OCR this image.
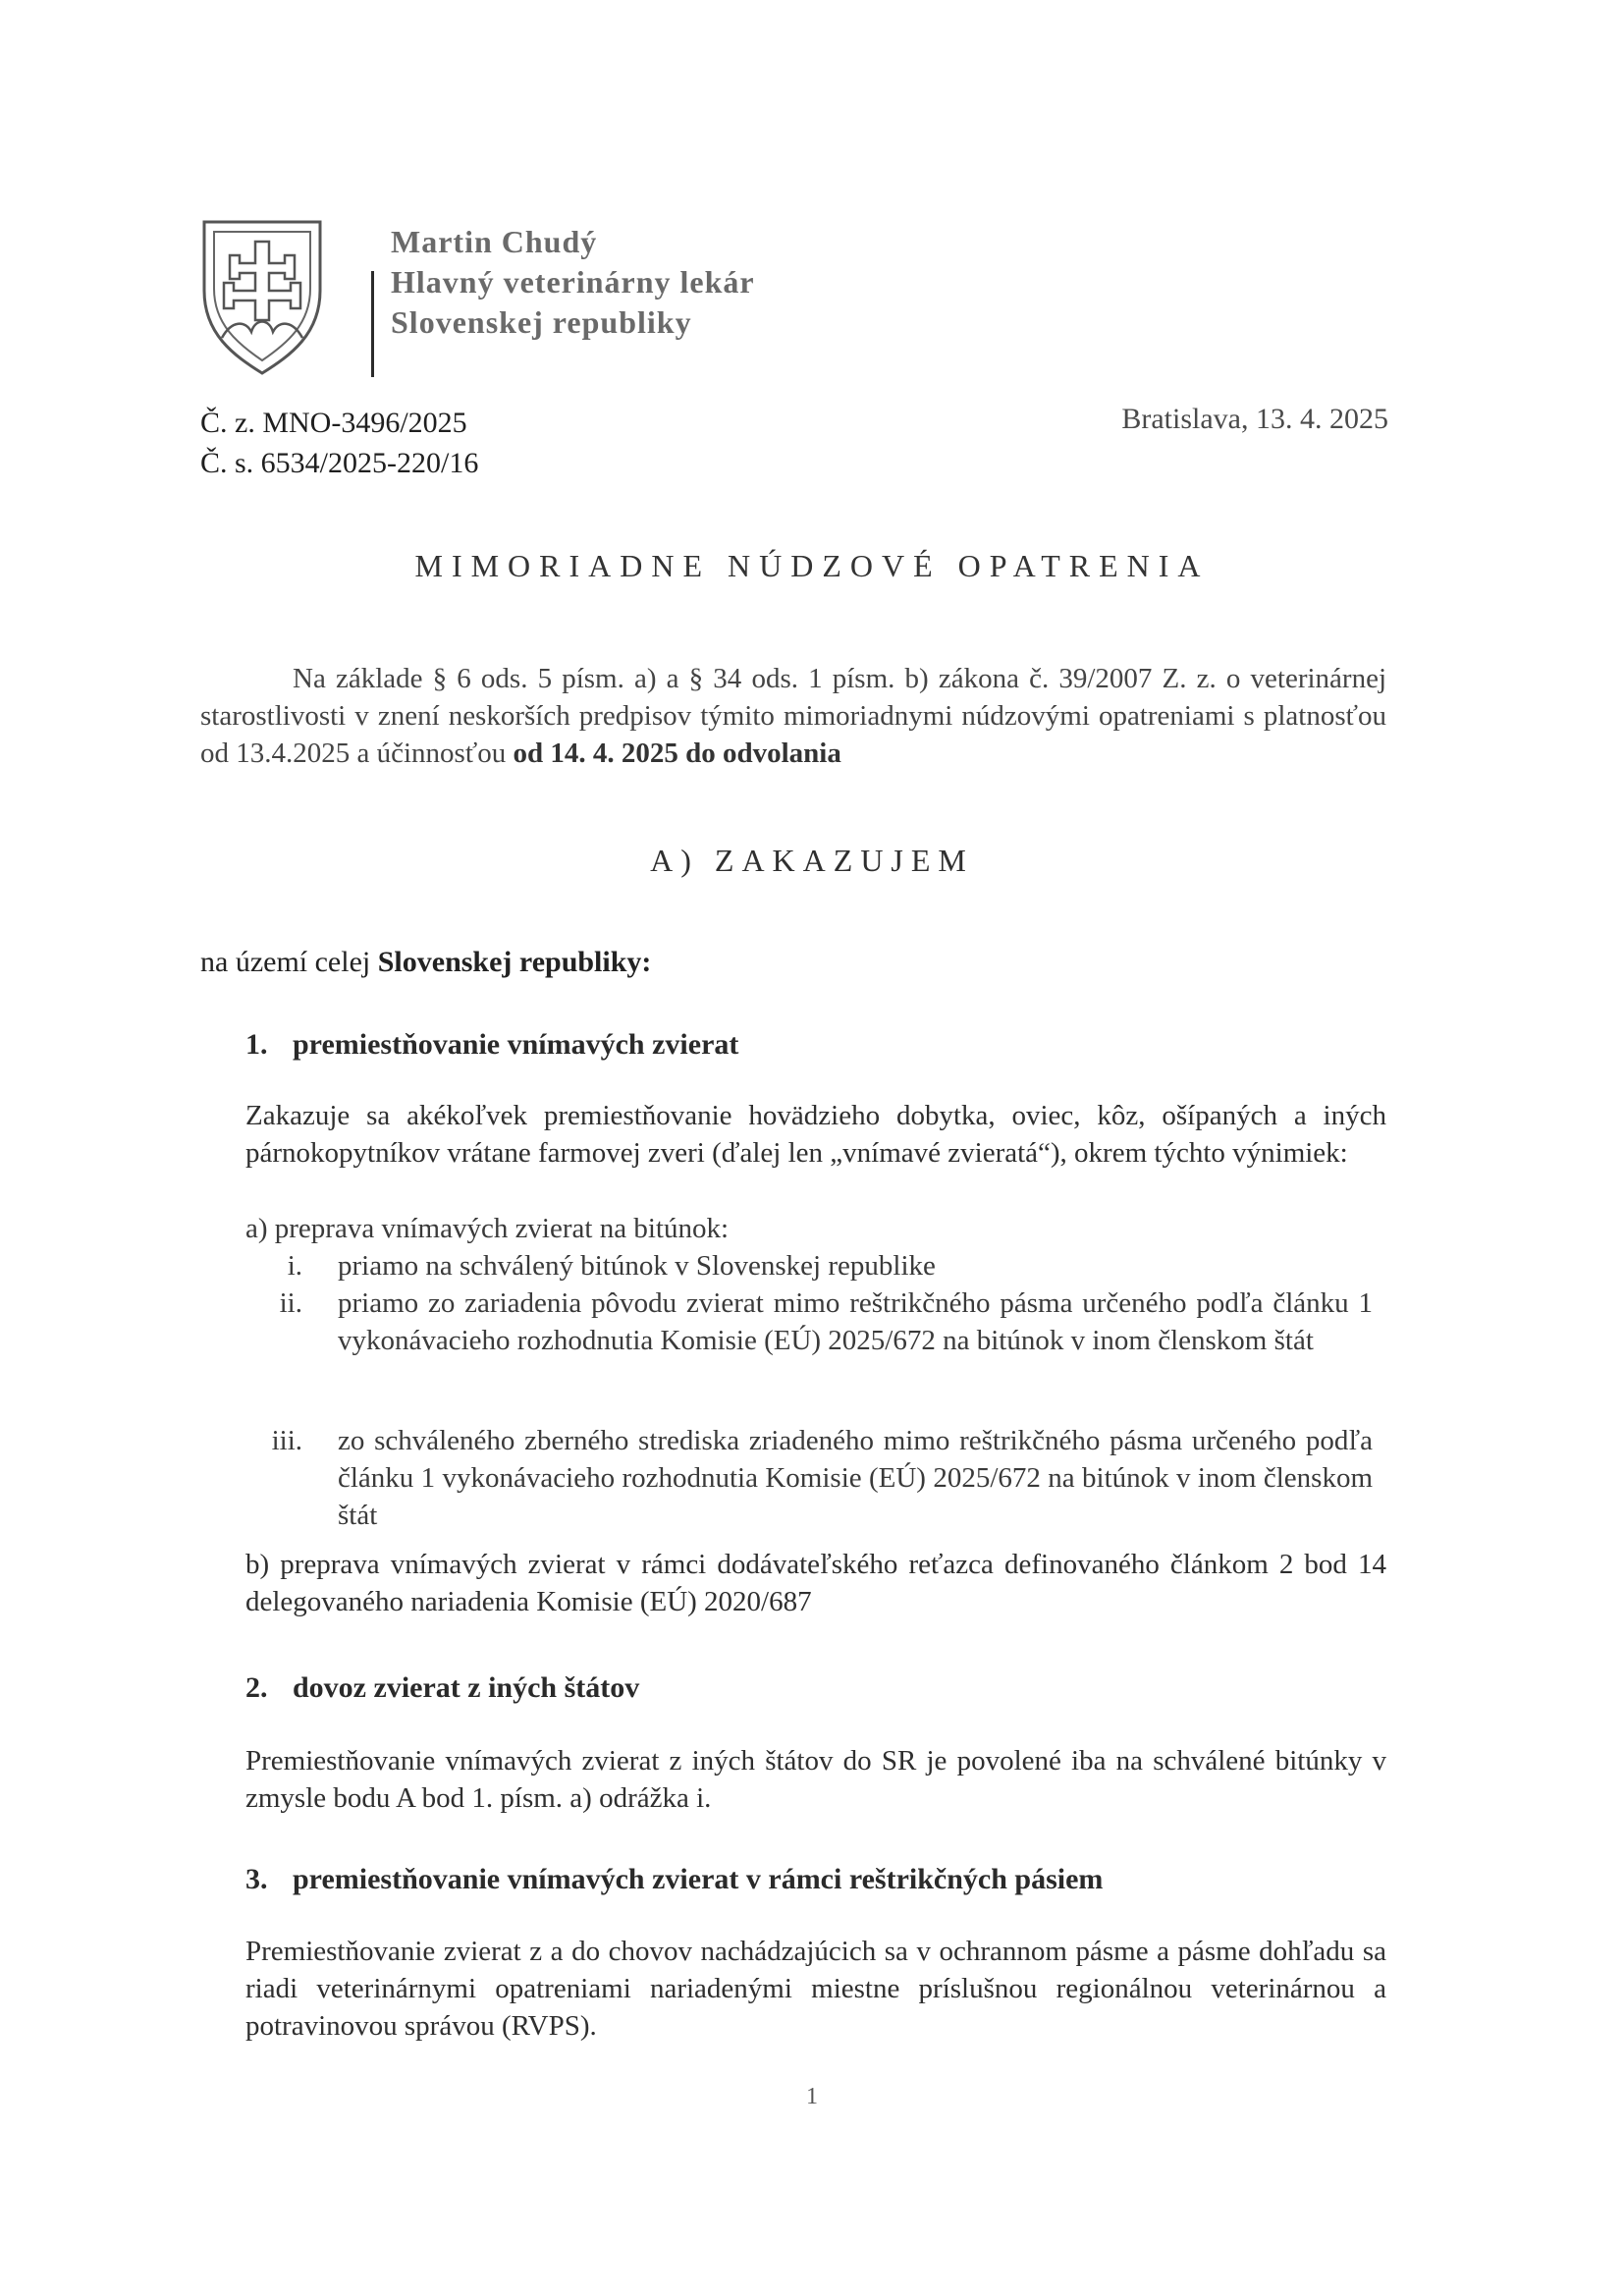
Martin Chudý
Hlavný veterinárny lekár
Slovenskej republiky
Č. z. MNO-3496/2025
Č. s. 6534/2025-220/16
Bratislava, 13. 4. 2025
MIMORIADNE NÚDZOVÉ OPATRENIA
Na základe § 6 ods. 5 písm. a) a § 34 ods. 1 písm. b) zákona č. 39/2007 Z. z. o veterinárnej starostlivosti v znení neskorších predpisov týmito mimoriadnymi núdzovými opatreniami s platnosťou od 13.4.2025 a účinnosťou od 14. 4. 2025 do odvolania
A) ZAKAZUJEM
na území celej Slovenskej republiky:
1. premiestňovanie vnímavých zvierat
Zakazuje sa akékoľvek premiestňovanie hovädzieho dobytka, oviec, kôz, ošípaných a iných párnokopytníkov vrátane farmovej zveri (ďalej len „vnímavé zvieratá“), okrem týchto výnimiek:
a) preprava vnímavých zvierat na bitúnok:
i. priamo na schválený bitúnok v Slovenskej republike
ii. priamo zo zariadenia pôvodu zvierat mimo reštrikčného pásma určeného podľa článku 1 vykonávacieho rozhodnutia Komisie (EÚ) 2025/672 na bitúnok v inom členskom štát
iii. zo schváleného zberného strediska zriadeného mimo reštrikčného pásma určeného podľa článku 1 vykonávacieho rozhodnutia Komisie (EÚ) 2025/672 na bitúnok v inom členskom štát
b) preprava vnímavých zvierat v rámci dodávateľského reťazca definovaného článkom 2 bod 14 delegovaného nariadenia Komisie (EÚ) 2020/687
2. dovoz zvierat z iných štátov
Premiestňovanie vnímavých zvierat z iných štátov do SR je povolené iba na schválené bitúnky v zmysle bodu A bod 1. písm. a) odrážka i.
3. premiestňovanie vnímavých zvierat v rámci reštrikčných pásiem
Premiestňovanie zvierat z a do chovov nachádzajúcich sa v ochrannom pásme a pásme dohľadu sa riadi veterinárnymi opatreniami nariadenými miestne príslušnou regionálnou veterinárnou a potravinovou správou (RVPS).
1
